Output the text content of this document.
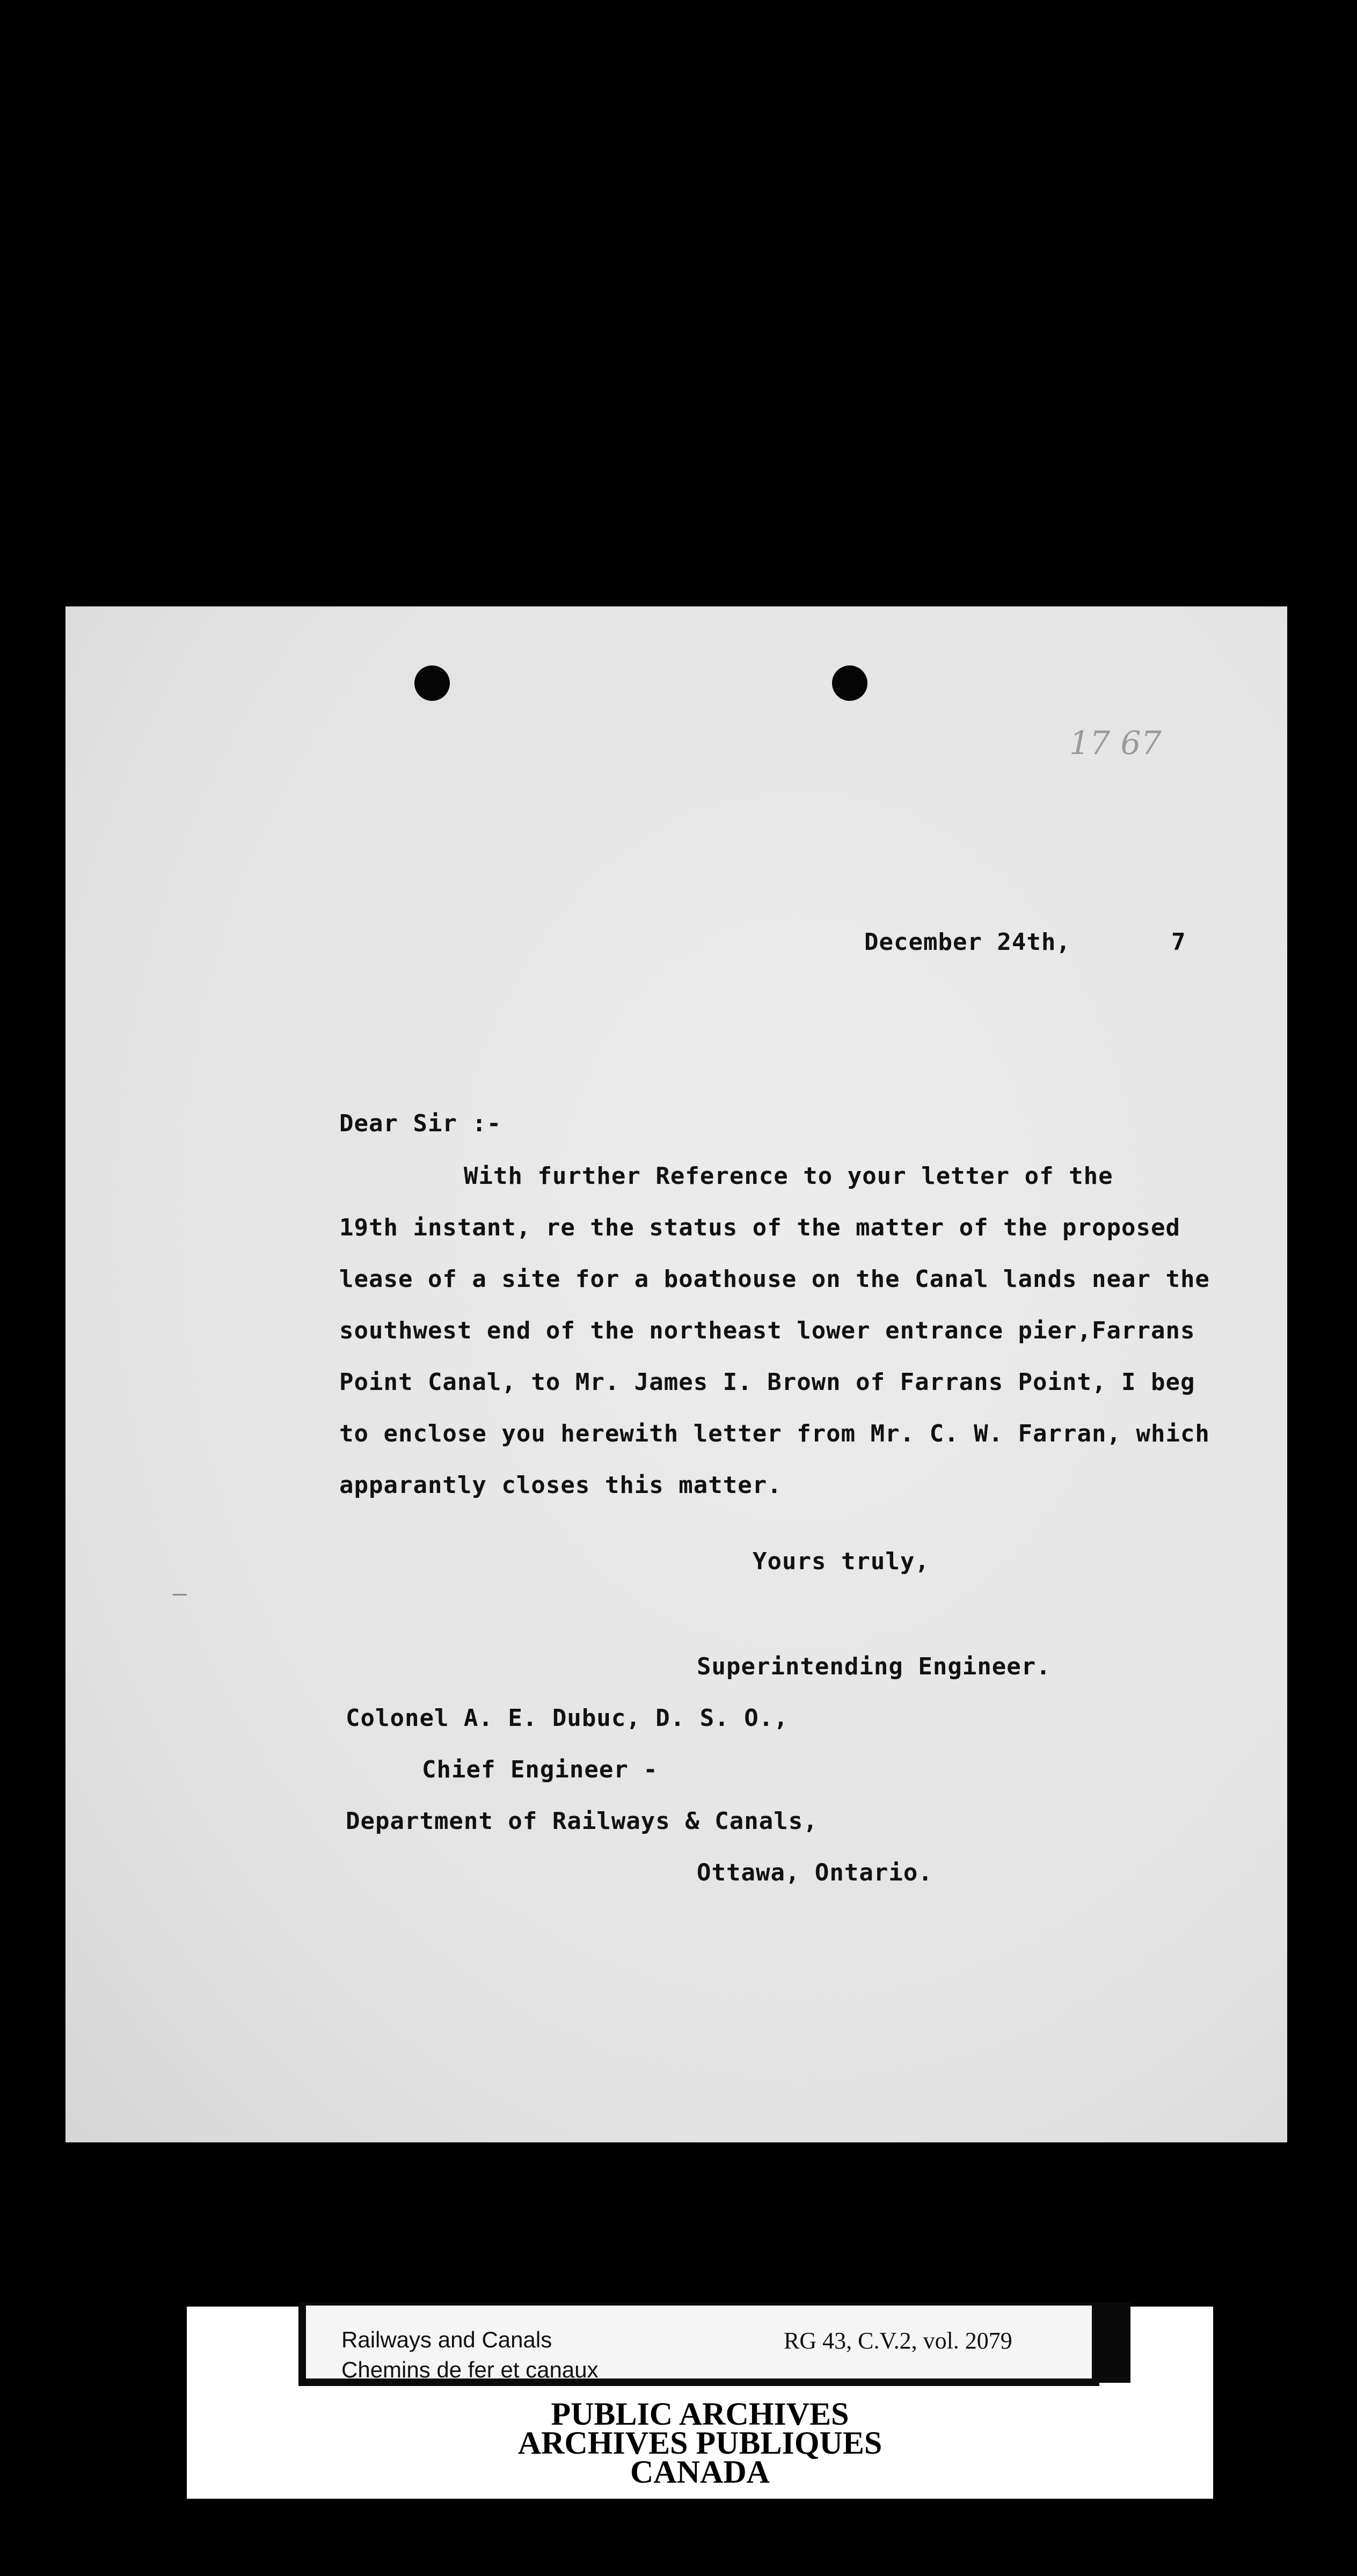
17 67
December 24th,	7
Dear Sir :-
With further Reference to your letter of the
19th instant, re the status of the matter of the proposed
lease of a site for a boathouse on the Canal lands near the
southwest end of the northeast lower entrance pier,Farrans
Point Canal, to Mr. James I. Brown of Farrans Point, I beg
to enclose you herewith letter from Mr. C. W. Farran, which
apparantly closes this matter.
Yours truly,
Superintending Engineer.
Colonel A. E. Dubuc, D. S. O.,
Chief Engineer -
Department of Railways & Canals,
Ottawa, Ontario.
Railways and Canals
Chemins de fer et canaux
RG 43, C.V.2, vol. 2079
PUBLIC ARCHIVES
ARCHIVES PUBLIQUES
CANADA
